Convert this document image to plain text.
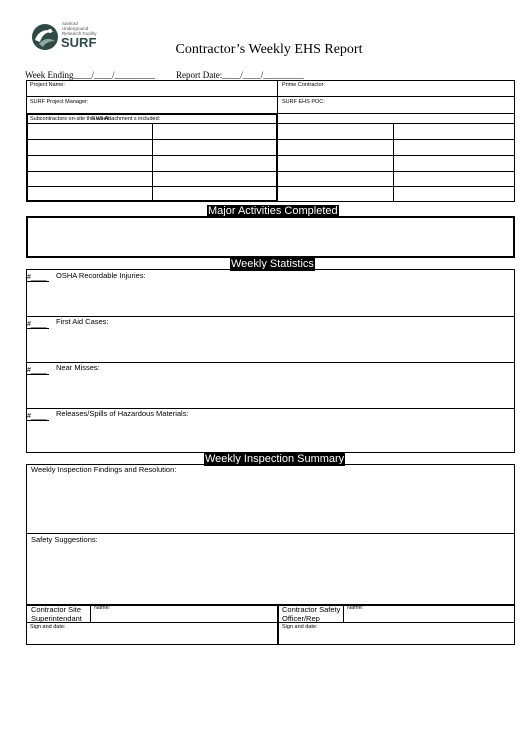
Sanford
Underground
Research Facility
SURF	Contractor’s Weekly EHS Report
Week Ending____/____/_________ Report Date:____/____/_________
Project Name:	Prime Contractor:
SURF Project Manager:	SURF EHS POC:
Subcontractors on-site this week
EHS Attachment s included:
Major Activities Completed
Weekly Statistics
#____ OSHA Recordable Injuries:
#____ First Aid Cases:
#____ Near Misses:
#____ Releases/Spills of Hazardous Materials:
Weekly Inspection Summary
Weekly Inspection Findings and Resolution:
Safety Suggestions:
Contractor Site Superintendant
Name:
Sign and date:
Contractor Safety Officer/Rep
Name:
Sign and date:
